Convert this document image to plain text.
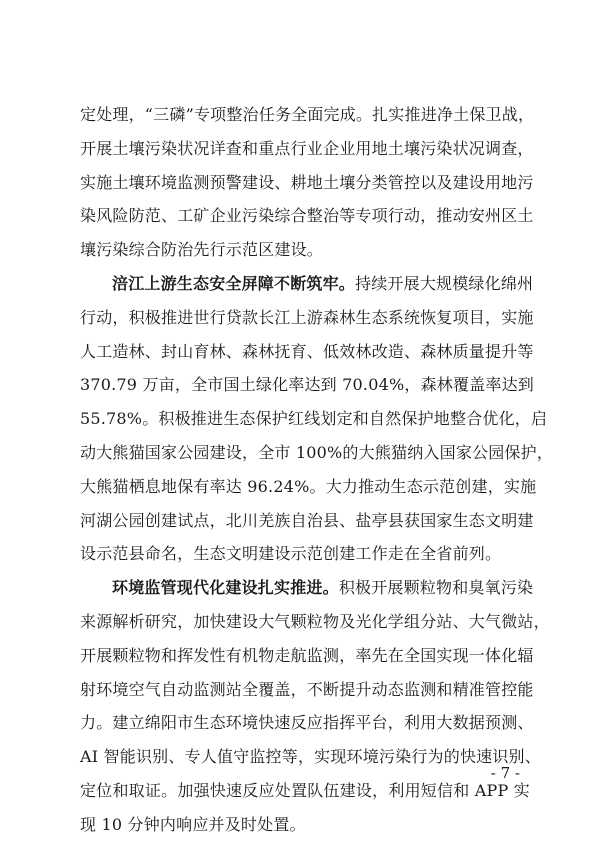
定处理，“三磷”专项整治任务全面完成。扎实推进净土保卫战，
开展土壤污染状况详查和重点行业企业用地土壤污染状况调查，
实施土壤环境监测预警建设、耕地土壤分类管控以及建设用地污
染风险防范、工矿企业污染综合整治等专项行动，推动安州区土
壤污染综合防治先行示范区建设。
涪江上游生态安全屏障不断筑牢。持续开展大规模绿化绵州
行动，积极推进世行贷款长江上游森林生态系统恢复项目，实施
人工造林、封山育林、森林抚育、低效林改造、森林质量提升等
370.79 万亩，全市国土绿化率达到 70.04%，森林覆盖率达到
55.78%。积极推进生态保护红线划定和自然保护地整合优化，启
动大熊猫国家公园建设，全市 100%的大熊猫纳入国家公园保护，
大熊猫栖息地保有率达 96.24%。大力推动生态示范创建，实施
河湖公园创建试点，北川羌族自治县、盐亭县获国家生态文明建
设示范县命名，生态文明建设示范创建工作走在全省前列。
环境监管现代化建设扎实推进。积极开展颗粒物和臭氧污染
来源解析研究，加快建设大气颗粒物及光化学组分站、大气微站，
开展颗粒物和挥发性有机物走航监测，率先在全国实现一体化辐
射环境空气自动监测站全覆盖，不断提升动态监测和精准管控能
力。建立绵阳市生态环境快速反应指挥平台，利用大数据预测、
AI 智能识别、专人值守监控等，实现环境污染行为的快速识别、
定位和取证。加强快速反应处置队伍建设，利用短信和 APP 实
现 10 分钟内响应并及时处置。
- 7 -
